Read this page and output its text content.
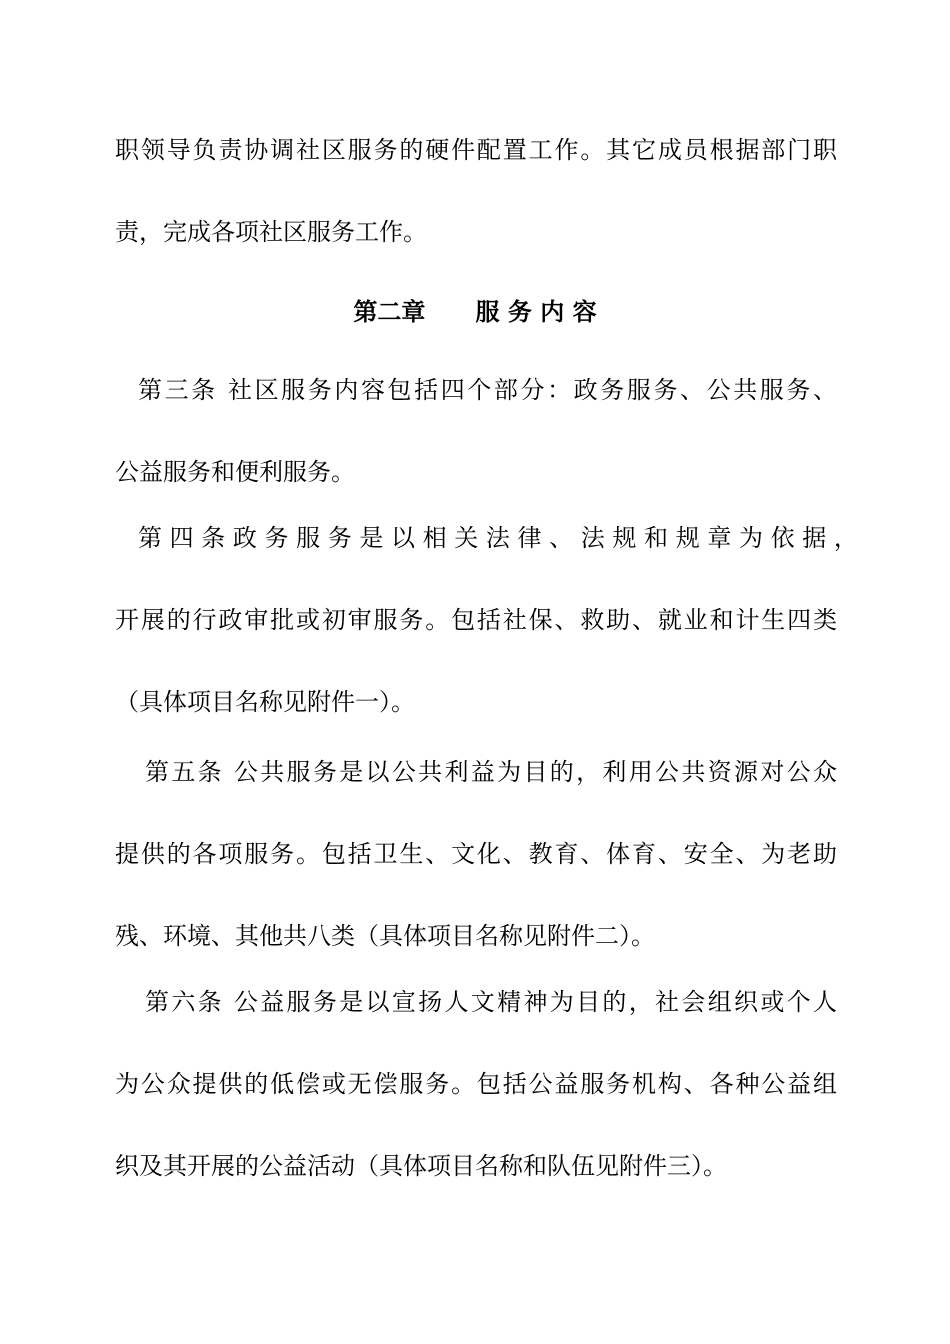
职领导负责协调社区服务的硬件配置工作。其它成员根据部门职
责，完成各项社区服务工作。
第二章      服 务 内 容
第三条 社区服务内容包括四个部分：政务服务、公共服务、
公益服务和便利服务。
第 四 条 政 务 服 务 是 以 相 关 法 律 、 法 规 和 规 章 为 依 据 ，
开展的行政审批或初审服务。包括社保、救助、就业和计生四类
（具体项目名称见附件一）。
第五条 公共服务是以公共利益为目的，利用公共资源对公众
提供的各项服务。包括卫生、文化、教育、体育、安全、为老助
残、环境、其他共八类（具体项目名称见附件二）。
第六条 公益服务是以宣扬人文精神为目的，社会组织或个人
为公众提供的低偿或无偿服务。包括公益服务机构、各种公益组
织及其开展的公益活动（具体项目名称和队伍见附件三）。
